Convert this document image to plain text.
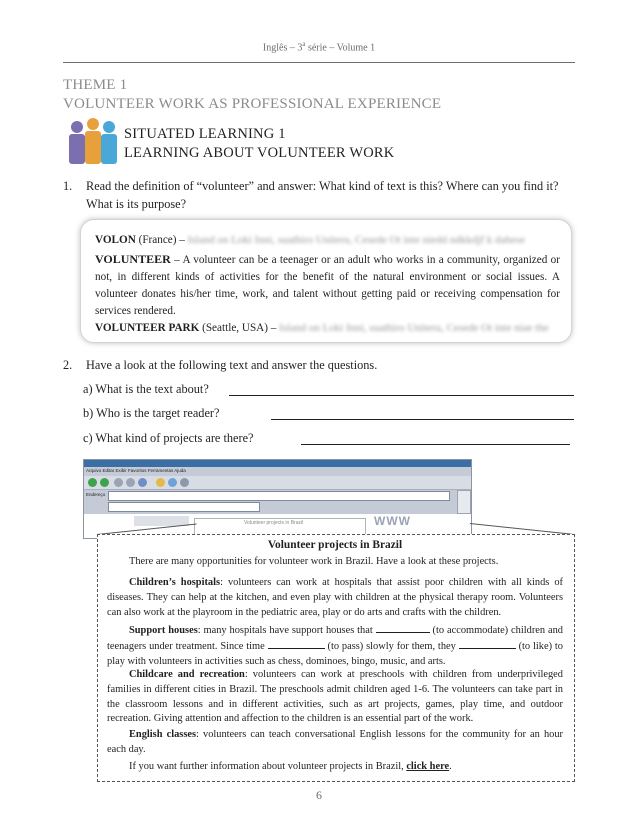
Inglês – 3$^a$ série – Volume 1
THEME 1
VOLUNTEER WORK AS PROFESSIONAL EXPERIENCE
SITUATED LEARNING 1
LEARNING ABOUT VOLUNTEER WORK
1.	Read the definition of “volunteer” and answer: What kind of text is this? Where can you find it? What is its purpose?
VOLON (France) – Island on Loki Inni, suathiro Uniteru, Cesede Ot inte niedd ndkkdjf k dahese
VOLUNTEER – A volunteer can be a teenager or an adult who works in a community, organized or not, in different kinds of activities for the benefit of the natural environment or social issues. A volunteer donates his/her time, work, and talent without getting paid or receiving compensation for services rendered.
VOLUNTEER PARK (Seattle, USA) – Island on Loki Inni, suathiro Uniteru, Cesede Ot inte niae the
2.	Have a look at the following text and answer the questions.
a) What is the text about?
b) Who is the target reader?
c) What kind of projects are there?
Arquivo Editar Exibir Favoritos Ferramentas Ajuda
Endereço
Volunteer projects in Brazil	WWW
Volunteer projects in Brazil
There are many opportunities for volunteer work in Brazil. Have a look at these projects.
Children’s hospitals: volunteers can work at hospitals that assist poor children with all kinds of diseases. They can help at the kitchen, and even play with children at the physical therapy room. Volunteers can also work at the playroom in the pediatric area, play or do arts and crafts with the children.
Support houses: many hospitals have support houses that	(to accommodate) children and teenagers under treatment. Since time	(to pass) slowly for them, they	(to like) to play with volunteers in activities such as chess, dominoes, bingo, music, and arts.
Childcare and recreation: volunteers can work at preschools with children from underprivileged families in different cities in Brazil. The preschools admit children aged 1-6. The volunteers can take part in the classroom lessons and in different activities, such as art projects, games, play time, and outdoor recreation. Giving attention and affection to the children is an essential part of the work.
English classes: volunteers can teach conversational English lessons for the community for an hour each day.
If you want further information about volunteer projects in Brazil, click here.
6
